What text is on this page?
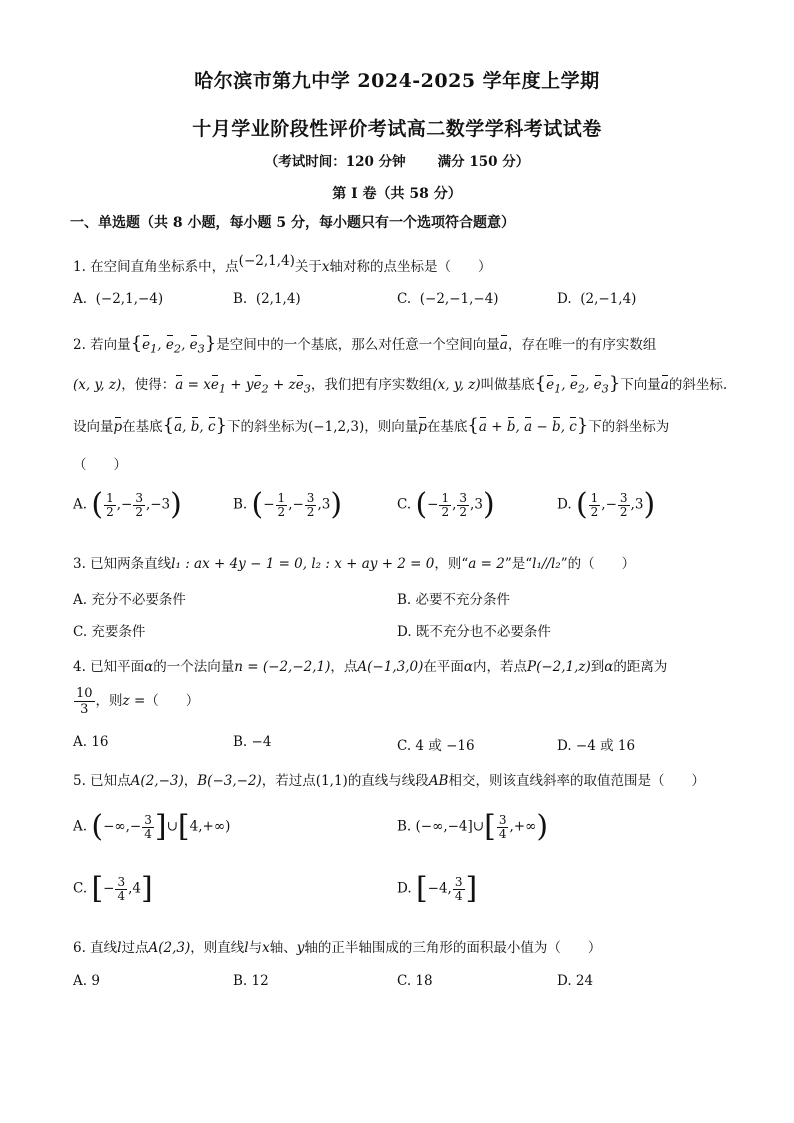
哈尔滨市第九中学 2024-2025 学年度上学期
十月学业阶段性评价考试高二数学学科考试试卷
（考试时间：120 分钟 满分 150 分）
第 I 卷（共 58 分）
一、单选题（共 8 小题，每小题 5 分，每小题只有一个选项符合题意）
1. 在空间直角坐标系中，点(−2,1,4)关于x轴对称的点坐标是（　　）
A. (−2,1,−4)	B. (2,1,4)	C. (−2,−1,−4)	D. (2,−1,4)
2. 若向量{$e_1$, $e_2$, $e_3$}是空间中的一个基底，那么对任意一个空间向量a，存在唯一的有序实数组
(x, y, z)，使得：$a = xe_1 + ye_2 + ze_3$，我们把有序实数组(x, y, z)叫做基底{$e_1$, $e_2$, $e_3$}下向量a的斜坐标.
设向量p在基底{a, b, c}下的斜坐标为(−1,2,3)，则向量p在基底{a + b, a − b, c}下的斜坐标为
（　　）
A. ( $\frac{1}{2}$ ,− $\frac{3}{2} ,-3$)	B. (− $\frac{1}{2}$ ,− $\frac{3}{2} ,3$)	C. (− $\frac{1}{2}$ , $\frac{3}{2} ,3$)	D. ( $\frac{1}{2}$ ,− $\frac{3}{2} ,3$)
3. 已知两条直线l₁ : ax + 4y − 1 = 0, l₂ : x + ay + 2 = 0，则“a = 2”是“l₁//l₂”的（　　）
A. 充分不必要条件	B. 必要不充分条件
C. 充要条件	D. 既不充分也不必要条件
4. 已知平面α的一个法向量n = (−2,−2,1)，点A(−1,3,0)在平面α内，若点P(−2,1,z)到α的距离为
$\frac{10}{3}$ ，则z =（　　）
A. 16	B. −4	C. 4 或 −16	D. −4 或 16
5. 已知点A(2,−3)，B(−3,−2)，若过点(1,1)的直线与线段AB相交，则该直线斜率的取值范围是（　　）
A. (−∞,− $\frac{3}{4}$ ]∪[4,+∞)	B. (−∞,−4]∪[ $\frac{3}{4}$ ,+∞)
C. [− $\frac{3}{4} ,4$]	D. [−4, $\frac{3}{4}$ ]
6. 直线l过点A(2,3)，则直线l与x轴、y轴的正半轴围成的三角形的面积最小值为（　　）
A. 9	B. 12	C. 18	D. 24
